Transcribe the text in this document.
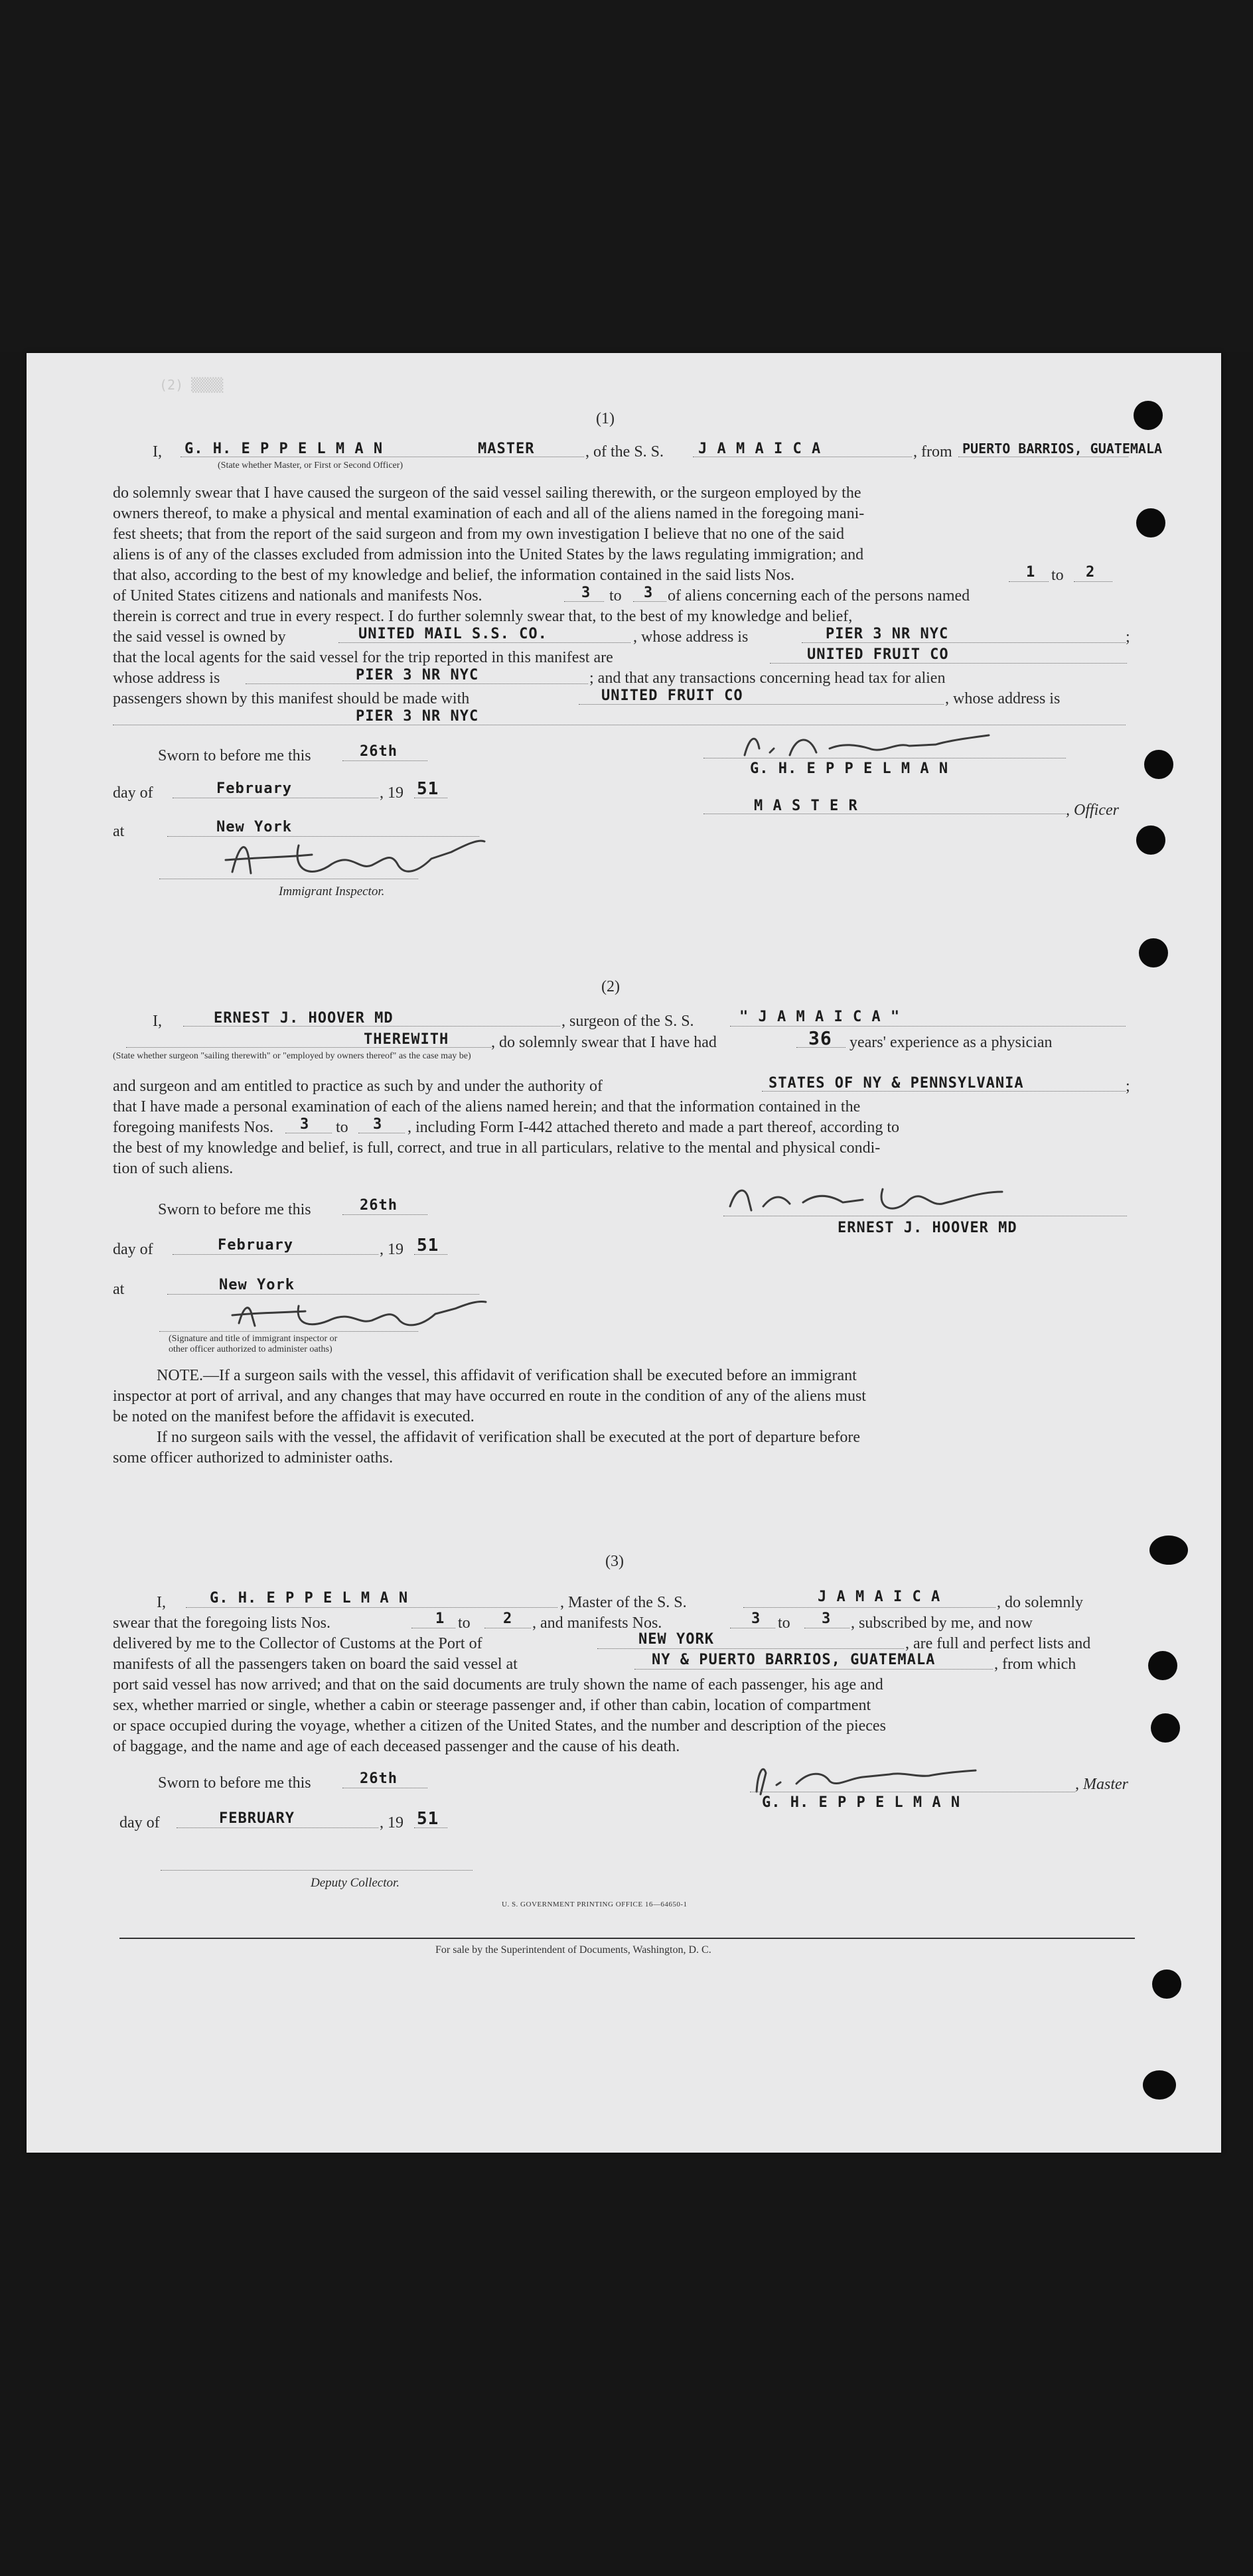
(2) ▒▒▒▒
(1)
I, G. H. E P P E L M A N	MASTER	, of the S. S. J A M A I C A	, from PUERTO BARRIOS, GUATEMALA
(State whether Master, or First or Second Officer)
do solemnly swear that I have caused the surgeon of the said vessel sailing therewith, or the surgeon employed by the
owners thereof, to make a physical and mental examination of each and all of the aliens named in the foregoing mani-
fest sheets; that from the report of the said surgeon and from my own investigation I believe that no one of the said
aliens is of any of the classes excluded from admission into the United States by the laws regulating immigration; and
that also, according to the best of my knowledge and belief, the information contained in the said lists Nos.	1 to 2
of United States citizens and nationals and manifests Nos.	3 to 3 of aliens concerning each of the persons named
therein is correct and true in every respect. I do further solemnly swear that, to the best of my knowledge and belief,
the said vessel is owned by	UNITED MAIL S.S. CO.	, whose address is	PIER 3 NR NYC	;
that the local agents for the said vessel for the trip reported in this manifest are	UNITED FRUIT CO
whose address is	PIER 3 NR NYC	; and that any transactions concerning head tax for alien
passengers shown by this manifest should be made with	UNITED FRUIT CO	, whose address is
PIER 3 NR NYC
Sworn to before me this	26th
day of	February	, 19 51
at	New York
Immigrant Inspector.
G. H. E P P E L M A N
M A S T E R	, Officer
(2)
I,	ERNEST J. HOOVER MD	, surgeon of the S. S.	" J A M A I C A "
THEREWITH	, do solemnly swear that I have had	36 years' experience as a physician
(State whether surgeon "sailing therewith" or "employed by owners thereof" as the case may be)
and surgeon and am entitled to practice as such by and under the authority of	STATES OF NY & PENNSYLVANIA	;
that I have made a personal examination of each of the aliens named herein; and that the information contained in the
foregoing manifests Nos. 3 to 3 , including Form I-442 attached thereto and made a part thereof, according to
the best of my knowledge and belief, is full, correct, and true in all particulars, relative to the mental and physical condi-
tion of such aliens.
Sworn to before me this	26th
day of	February	, 19 51
at	New York
(Signature and title of immigrant inspector or
other officer authorized to administer oaths)
ERNEST J. HOOVER MD
NOTE.—If a surgeon sails with the vessel, this affidavit of verification shall be executed before an immigrant
inspector at port of arrival, and any changes that may have occurred en route in the condition of any of the aliens must
be noted on the manifest before the affidavit is executed.
If no surgeon sails with the vessel, the affidavit of verification shall be executed at the port of departure before
some officer authorized to administer oaths.
(3)
I,	G. H. E P P E L M A N	, Master of the S. S.	J A M A I C A	, do solemnly
swear that the foregoing lists Nos.	1 to 2 , and manifests Nos.	3 to 3 , subscribed by me, and now
delivered by me to the Collector of Customs at the Port of	NEW YORK	, are full and perfect lists and
manifests of all the passengers taken on board the said vessel at	NY & PUERTO BARRIOS, GUATEMALA	, from which
port said vessel has now arrived; and that on the said documents are truly shown the name of each passenger, his age and
sex, whether married or single, whether a cabin or steerage passenger and, if other than cabin, location of compartment
or space occupied during the voyage, whether a citizen of the United States, and the number and description of the pieces
of baggage, and the name and age of each deceased passenger and the cause of his death.
Sworn to before me this	26th
day of	FEBRUARY	, 19 51
, Master
G. H. E P P E L M A N
Deputy Collector.
U. S. GOVERNMENT PRINTING OFFICE 16—64650-1
For sale by the Superintendent of Documents, Washington, D. C.
